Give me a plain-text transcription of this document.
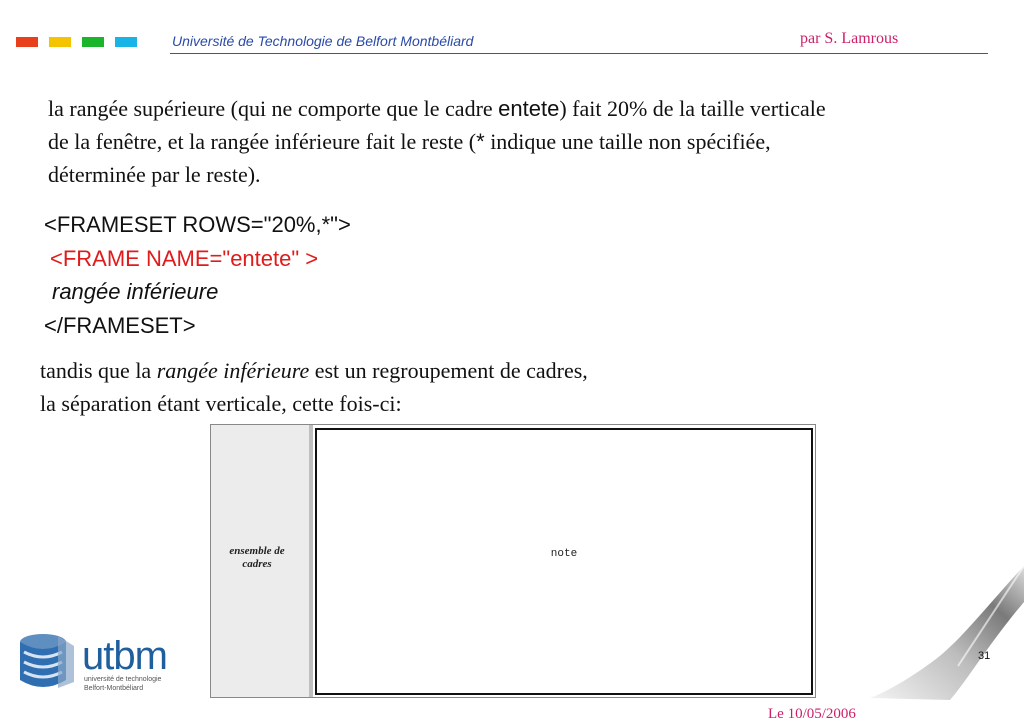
Université de Technologie de Belfort Montbéliard	par S. Lamrous

la rangée supérieure (qui ne comporte que le cadre entete) fait 20% de la taille verticale de la fenêtre, et la rangée inférieure fait le reste (* indique une taille non spécifiée, déterminée par le reste).

<FRAMESET ROWS="20%,*">
<FRAME NAME="entete" >
rangée inférieure
</FRAMESET>

tandis que la rangée inférieure est un regroupement de cadres,
la séparation étant verticale, cette fois-ci:

ensemble de
cadres
note
utbm
université de technologie
Belfort-Montbéliard
31
Le 10/05/2006
